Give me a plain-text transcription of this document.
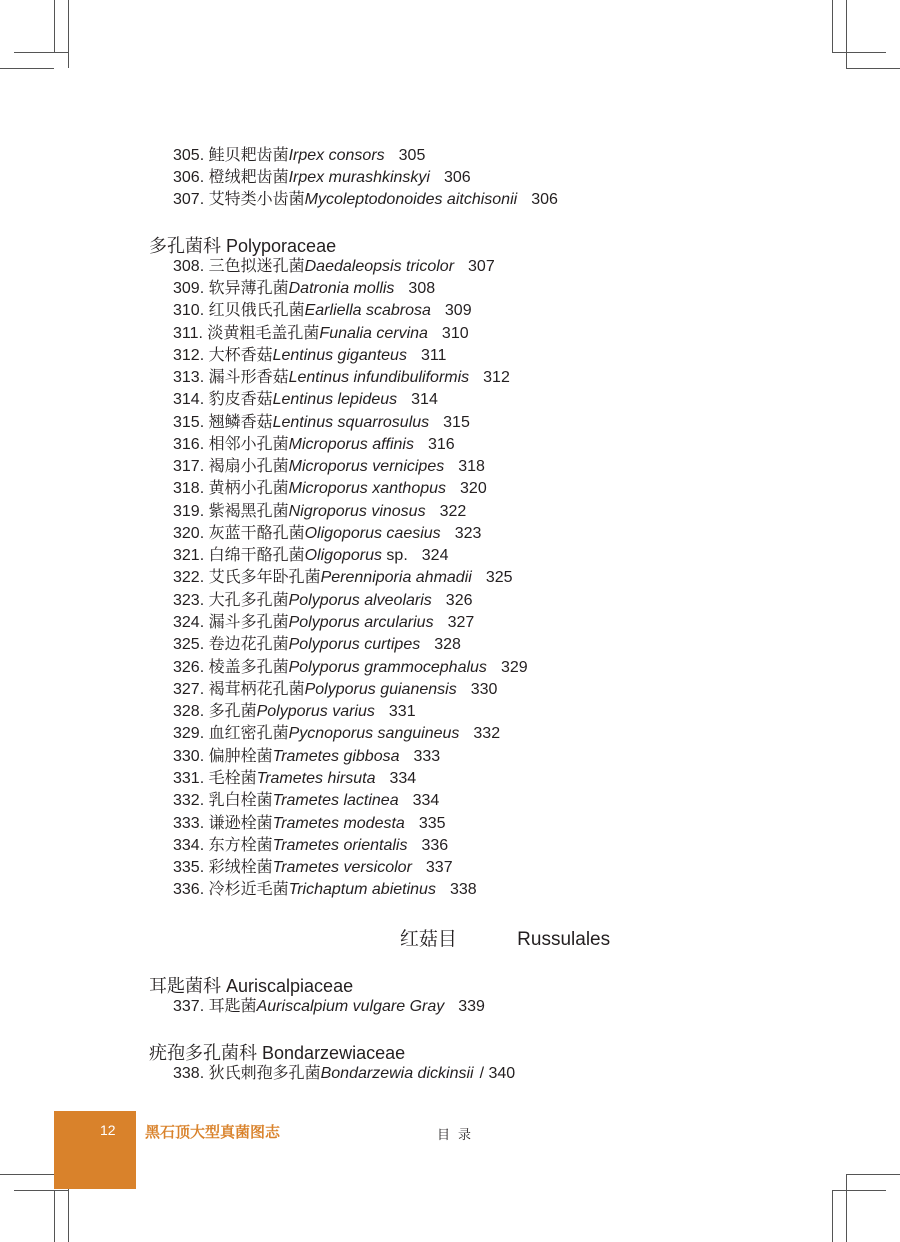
305. 鲑贝耙齿菌Irpex consors 305
306. 橙绒耙齿菌Irpex murashkinskyi 306
307. 艾特类小齿菌Mycoleptodonoides aitchisonii 306
多孔菌科 Polyporaceae
308. 三色拟迷孔菌Daedaleopsis tricolor 307
309. 软异薄孔菌Datronia mollis 308
310. 红贝俄氏孔菌Earliella scabrosa 309
311. 淡黄粗毛盖孔菌Funalia cervina 310
312. 大杯香菇Lentinus giganteus 311
313. 漏斗形香菇Lentinus infundibuliformis 312
314. 豹皮香菇Lentinus lepideus 314
315. 翘鳞香菇Lentinus squarrosulus 315
316. 相邻小孔菌Microporus affinis 316
317. 褐扇小孔菌Microporus vernicipes 318
318. 黄柄小孔菌Microporus xanthopus 320
319. 紫褐黑孔菌Nigroporus vinosus 322
320. 灰蓝干酪孔菌Oligoporus caesius 323
321. 白绵干酪孔菌Oligoporus sp. 324
322. 艾氏多年卧孔菌Perenniporia ahmadii 325
323. 大孔多孔菌Polyporus alveolaris 326
324. 漏斗多孔菌Polyporus arcularius 327
325. 卷边花孔菌Polyporus curtipes 328
326. 棱盖多孔菌Polyporus grammocephalus 329
327. 褐茸柄花孔菌Polyporus guianensis 330
328. 多孔菌Polyporus varius 331
329. 血红密孔菌Pycnoporus sanguineus 332
330. 偏肿栓菌Trametes gibbosa 333
331. 毛栓菌Trametes hirsuta 334
332. 乳白栓菌Trametes lactinea 334
333. 谦逊栓菌Trametes modesta 335
334. 东方栓菌Trametes orientalis 336
335. 彩绒栓菌Trametes versicolor 337
336. 冷杉近毛菌Trichaptum abietinus 338
红菇目	Russulales
耳匙菌科 Auriscalpiaceae
337. 耳匙菌Auriscalpium vulgare Gray 339
疣孢多孔菌科 Bondarzewiaceae
338. 狄氏刺孢多孔菌Bondarzewia dickinsii / 340
12 黑石顶大型真菌图志	目录
